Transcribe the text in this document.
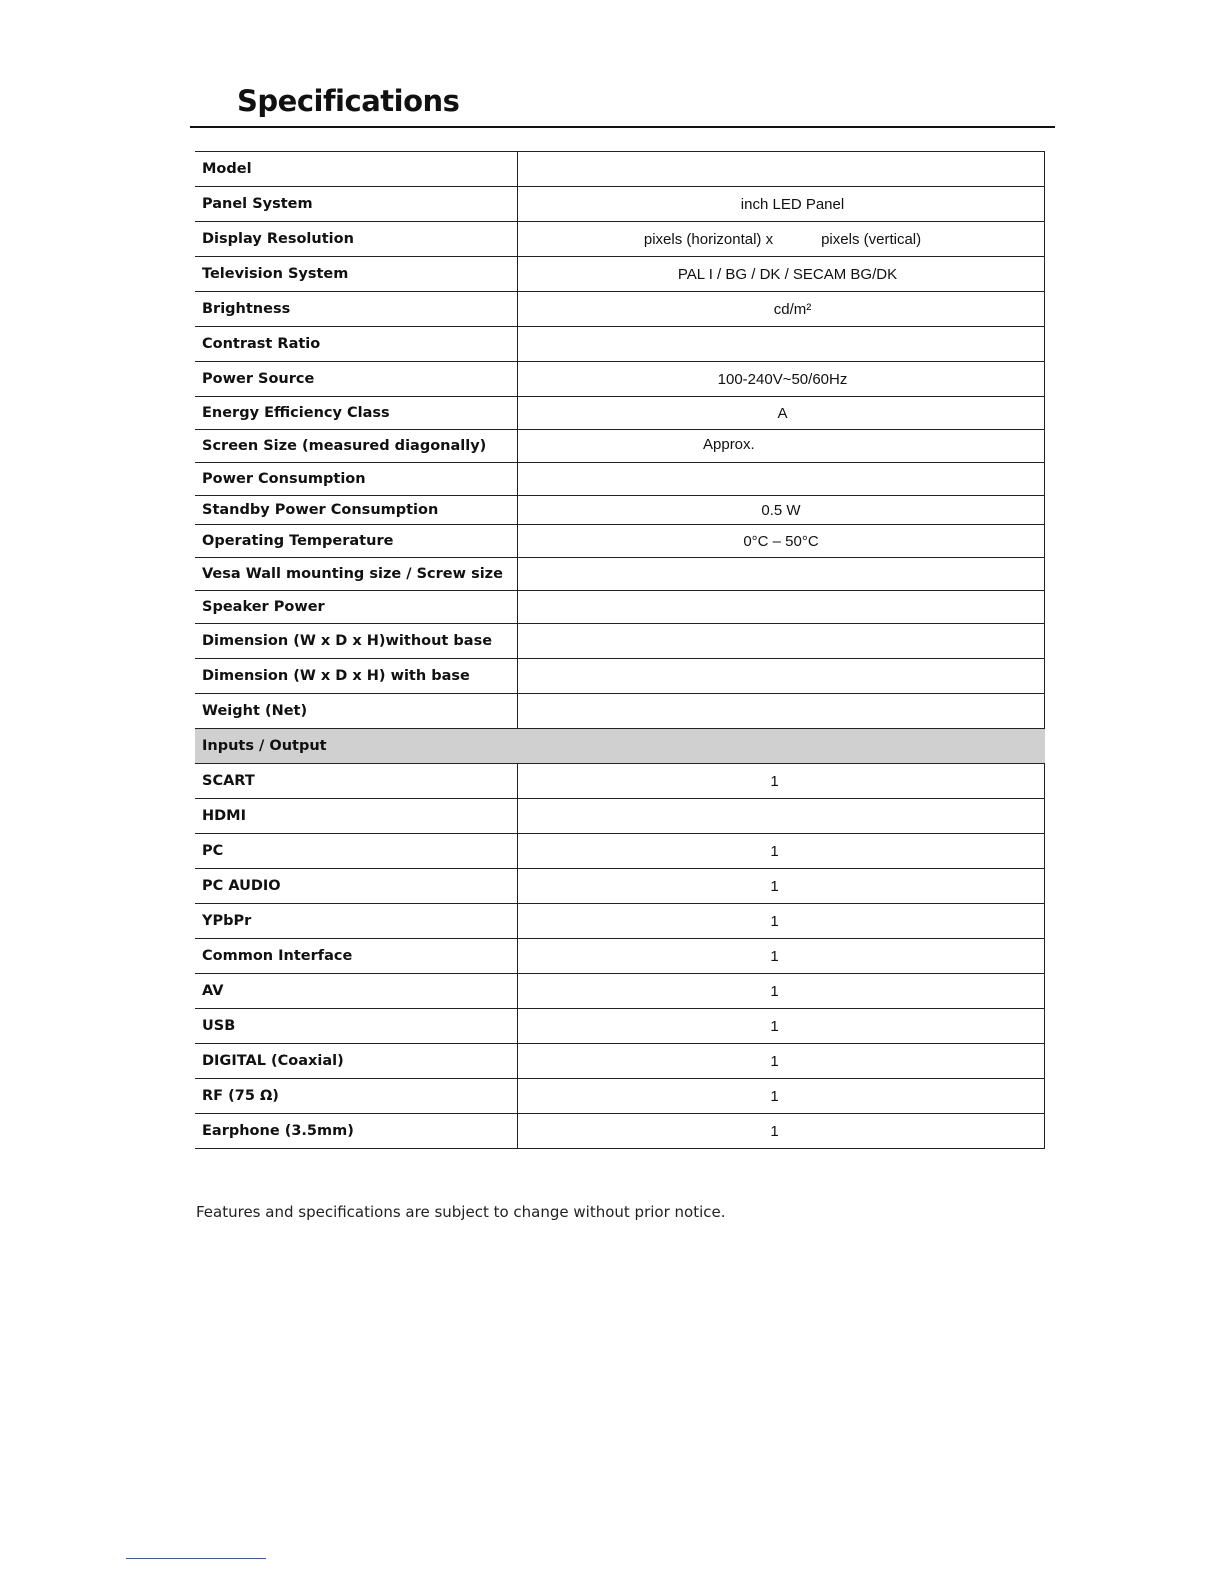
Specifications
Model	
Panel System	inch LED Panel
Display Resolution	pixels (horizontal) x pixels (vertical)
Television System	PAL I / BG / DK / SECAM BG/DK
Brightness	cd/m²
Contrast Ratio	
Power Source	100-240V~50/60Hz
Energy Efficiency Class	A
Screen Size (measured diagonally)	Approx.
Power Consumption	
Standby Power Consumption	0.5 W
Operating Temperature	0°C – 50°C
Vesa Wall mounting size / Screw size	
Speaker Power	
Dimension (W x D x H)without base	
Dimension (W x D x H) with base	
Weight (Net)	
Inputs / Output	
SCART	1
HDMI	
PC	1
PC AUDIO	1
YPbPr	1
Common Interface	1
AV	1
USB	1
DIGITAL (Coaxial)	1
RF (75 Ω)	1
Earphone (3.5mm)	1
Features and specifications are subject to change without prior notice.
